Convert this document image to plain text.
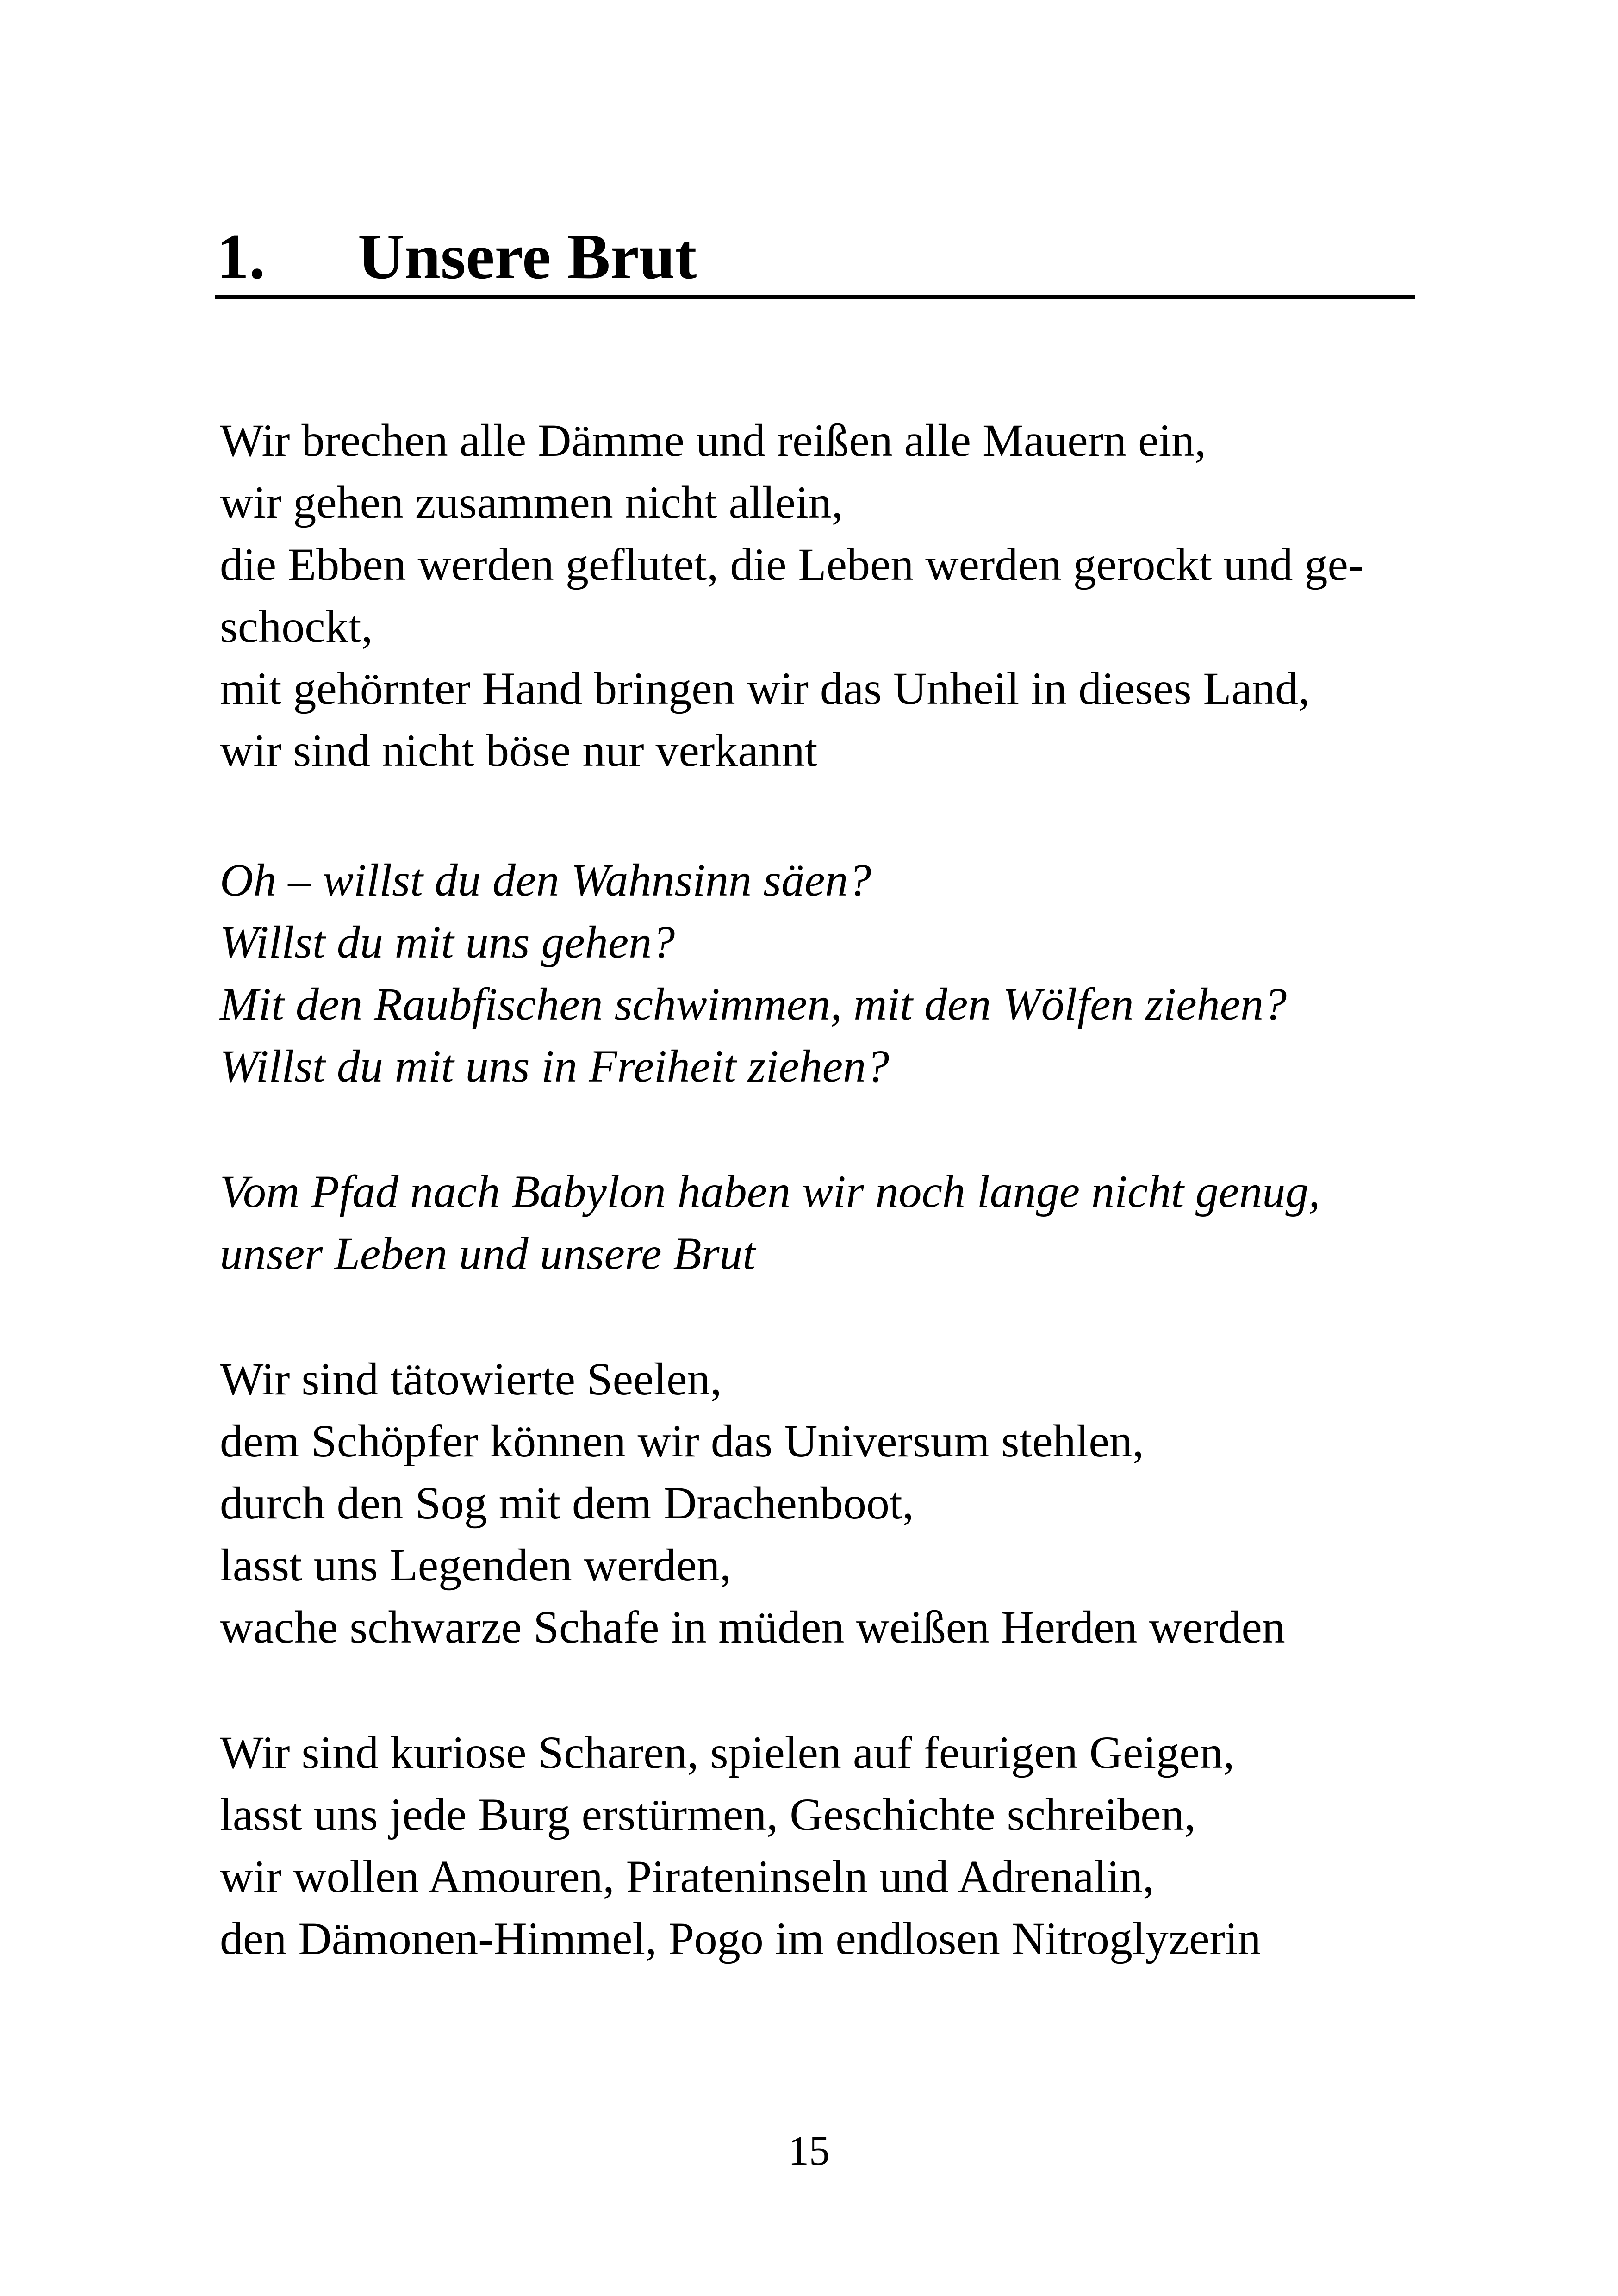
1. Unsere Brut
Wir brechen alle Dämme und reißen alle Mauern ein,
wir gehen zusammen nicht allein,
die Ebben werden geflutet, die Leben werden gerockt und ge-
schockt,
mit gehörnter Hand bringen wir das Unheil in dieses Land,
wir sind nicht böse nur verkannt
Oh – willst du den Wahnsinn säen?
Willst du mit uns gehen?
Mit den Raubfischen schwimmen, mit den Wölfen ziehen?
Willst du mit uns in Freiheit ziehen?
Vom Pfad nach Babylon haben wir noch lange nicht genug,
unser Leben und unsere Brut
Wir sind tätowierte Seelen,
dem Schöpfer können wir das Universum stehlen,
durch den Sog mit dem Drachenboot,
lasst uns Legenden werden,
wache schwarze Schafe in müden weißen Herden werden
Wir sind kuriose Scharen, spielen auf feurigen Geigen,
lasst uns jede Burg erstürmen, Geschichte schreiben,
wir wollen Amouren, Pirateninseln und Adrenalin,
den Dämonen-Himmel, Pogo im endlosen Nitroglyzerin
15
